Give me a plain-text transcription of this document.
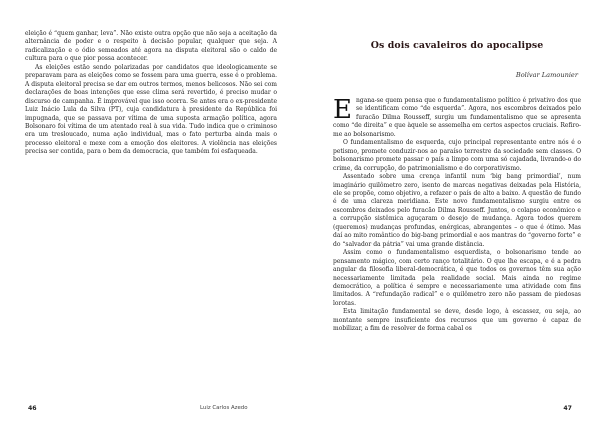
eleição é “quem ganhar, leva”. Não existe outra opção que não seja a aceitação da alternância de poder e o respeito à decisão popular, qualquer que seja. A radicalização e o ódio semeados até agora na disputa eleitoral são o caldo de cultura para o que pior possa acontecer.

As eleições estão sendo polarizadas por candidatos que ideologicamente se preparavam para as eleições como se fossem para uma guerra, esse é o problema. A disputa eleitoral precisa se dar em outros termos, menos belicosos. Não sei com declarações de boas intenções que esse clima será revertido, é preciso mudar o discurso de campanha. É improvável que isso ocorra. Se antes era o ex-presidente Luiz Inácio Lula da Silva (PT), cuja candidatura à presidente da República foi impugnada, que se passava por vítima de uma suposta armação política, agora Bolsonaro foi vítima de um atentado real à sua vida. Tudo indica que o criminoso era um tresloucado, numa ação individual, mas o fato perturba ainda mais o processo eleitoral e mexe com a emoção dos eleitores. A violência nas eleições precisa ser contida, para o bem da democracia, que também foi esfaqueada.

46	Luiz Carlos Azedo
Os dois cavaleiros do apocalipse
Bolívar Lamounier

Engana-se quem pensa que o fundamentalismo político é privativo dos que se identificam como “de esquerda”. Agora, nos escombros deixados pelo furacão Dilma Rousseff, surgiu um fundamentalismo que se apresenta como “de direita” e que àquele se assemelha em certos aspectos cruciais. Refiro-me ao bolsonarismo.

O fundamentalismo de esquerda, cujo principal representante entre nós é o petismo, promete conduzir-nos ao paraíso terrestre da sociedade sem classes. O bolsonarismo promete passar o país a limpo com uma só cajadada, livrando-o do crime, da corrupção, do patrimonialismo e do corporativismo.

Assentado sobre uma crença infantil num ‘big bang primordial’, num imaginário quilômetro zero, isento de marcas negativas deixadas pela História, ele se propõe, como objetivo, a refazer o país de alto a baixo. A questão de fundo é de uma clareza meridiana. Este novo fundamentalismo surgiu entre os escombros deixados pelo furacão Dilma Rousseff. Juntos, o colapso econômico e a corrupção sistêmica aguçaram o desejo de mudança. Agora todos querem (queremos) mudanças profundas, enérgicas, abrangentes – o que é ótimo. Mas daí ao mito romântico do big-bang primordial e aos mantras do “governo forte” e do “salvador da pátria” vai uma grande distância.

Assim como o fundamentalismo esquerdista, o bolsonarismo tende ao pensamento mágico, com certo ranço totalitário. O que lhe escapa, e é a pedra angular da filosofia liberal-democrática, é que todos os governos têm sua ação necessariamente limitada pela realidade social. Mais ainda no regime democrático, a política é sempre e necessariamente uma atividade com fins limitados. A “refundação radical” e o quilômetro zero não passam de piedosas lorotas.

Esta limitação fundamental se deve, desde logo, à escassez, ou seja, ao montante sempre insuficiente dos recursos que um governo é capaz de mobilizar, a fim de resolver de forma cabal os

47
